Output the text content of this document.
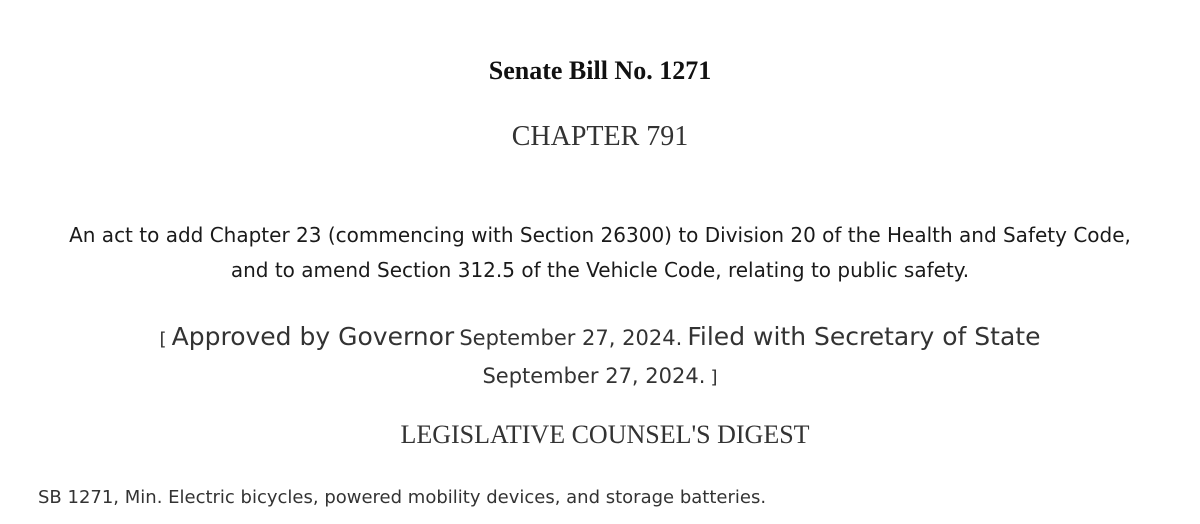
Senate Bill No. 1271
CHAPTER 791
An act to add Chapter 23 (commencing with Section 26300) to Division 20 of the Health and Safety Code, and to amend Section 312.5 of the Vehicle Code, relating to public safety.
[ Approved by Governor September 27, 2024. Filed with Secretary of State
September 27, 2024. ]
LEGISLATIVE COUNSEL'S DIGEST
SB 1271, Min. Electric bicycles, powered mobility devices, and storage batteries.
